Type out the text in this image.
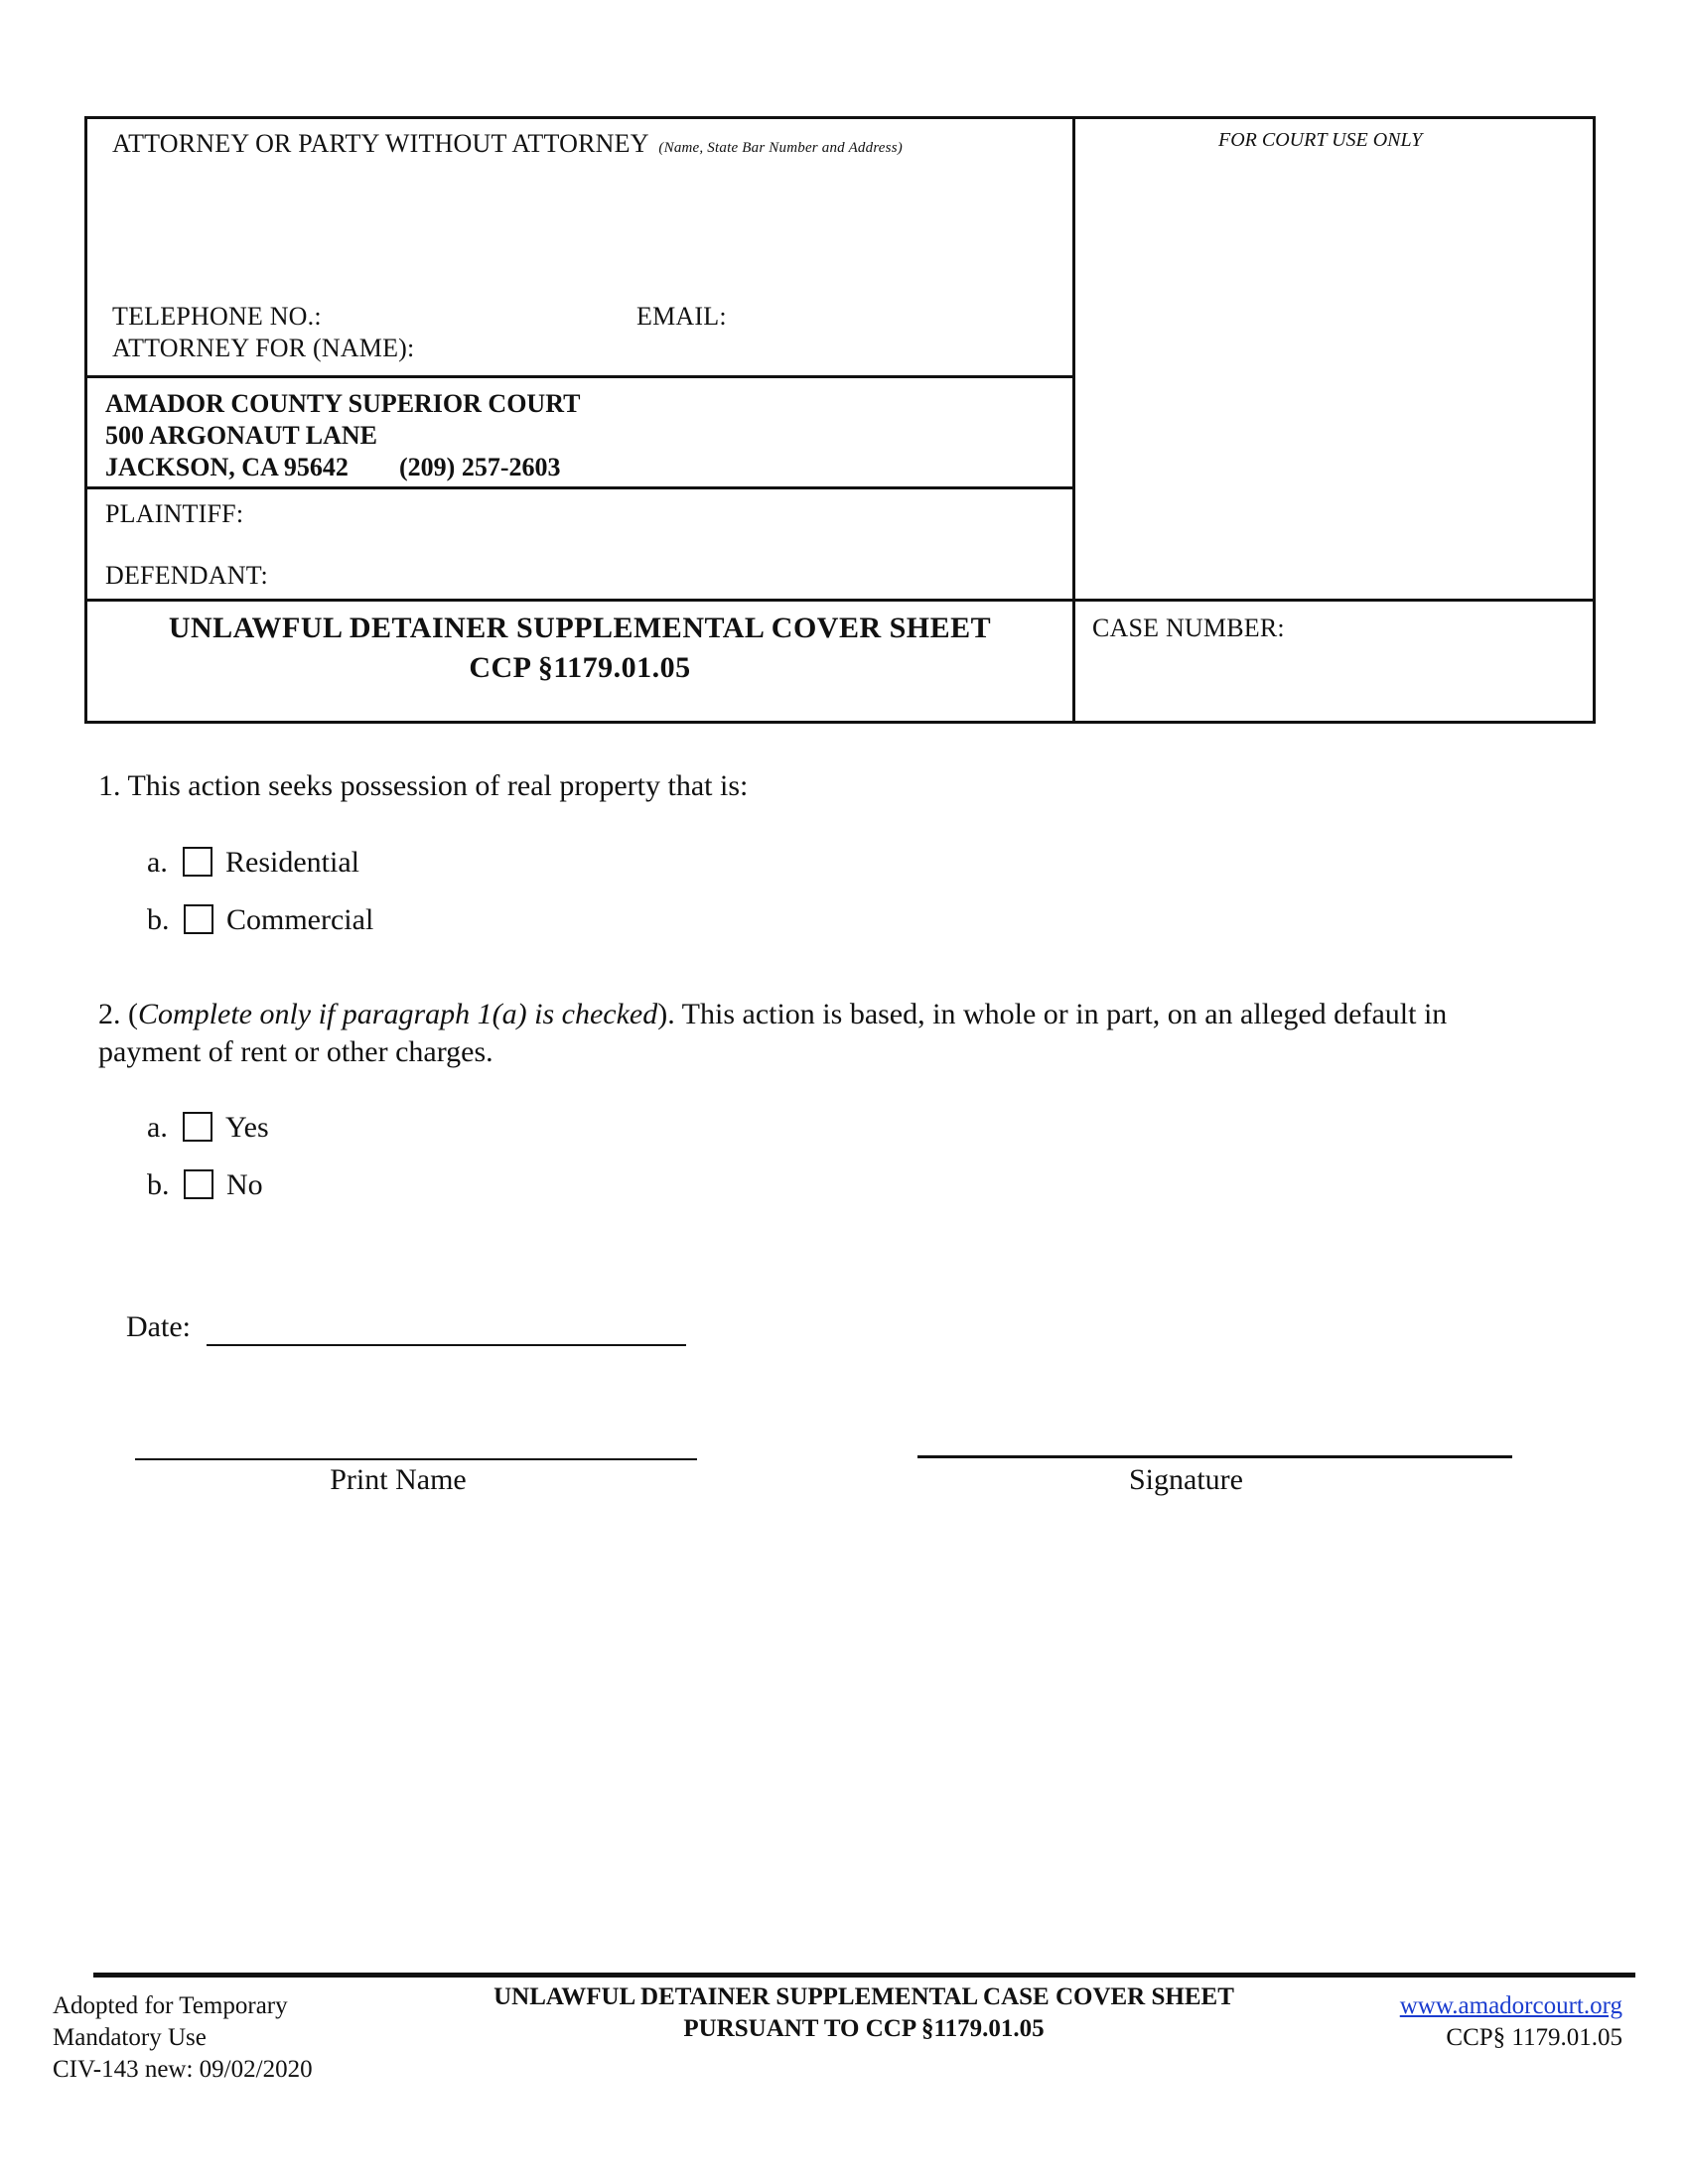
ATTORNEY OR PARTY WITHOUT ATTORNEY (Name, State Bar Number and Address)	FOR COURT USE ONLY
TELEPHONE NO.:	EMAIL:
ATTORNEY FOR (NAME):
AMADOR COUNTY SUPERIOR COURT
500 ARGONAUT LANE
JACKSON, CA 95642 (209) 257-2603
PLAINTIFF:
DEFENDANT:
UNLAWFUL DETAINER SUPPLEMENTAL COVER SHEET
CCP §1179.01.05
CASE NUMBER:
1. This action seeks possession of real property that is:
a. Residential
b. Commercial
2. (Complete only if paragraph 1(a) is checked). This action is based, in whole or in part, on an alleged default in
payment of rent or other charges.
a. Yes
b. No
Date:
Print Name	Signature
Adopted for Temporary
Mandatory Use
CIV-143 new: 09/02/2020
UNLAWFUL DETAINER SUPPLEMENTAL CASE COVER SHEET
PURSUANT TO CCP §1179.01.05
www.amadorcourt.org
CCP§ 1179.01.05
